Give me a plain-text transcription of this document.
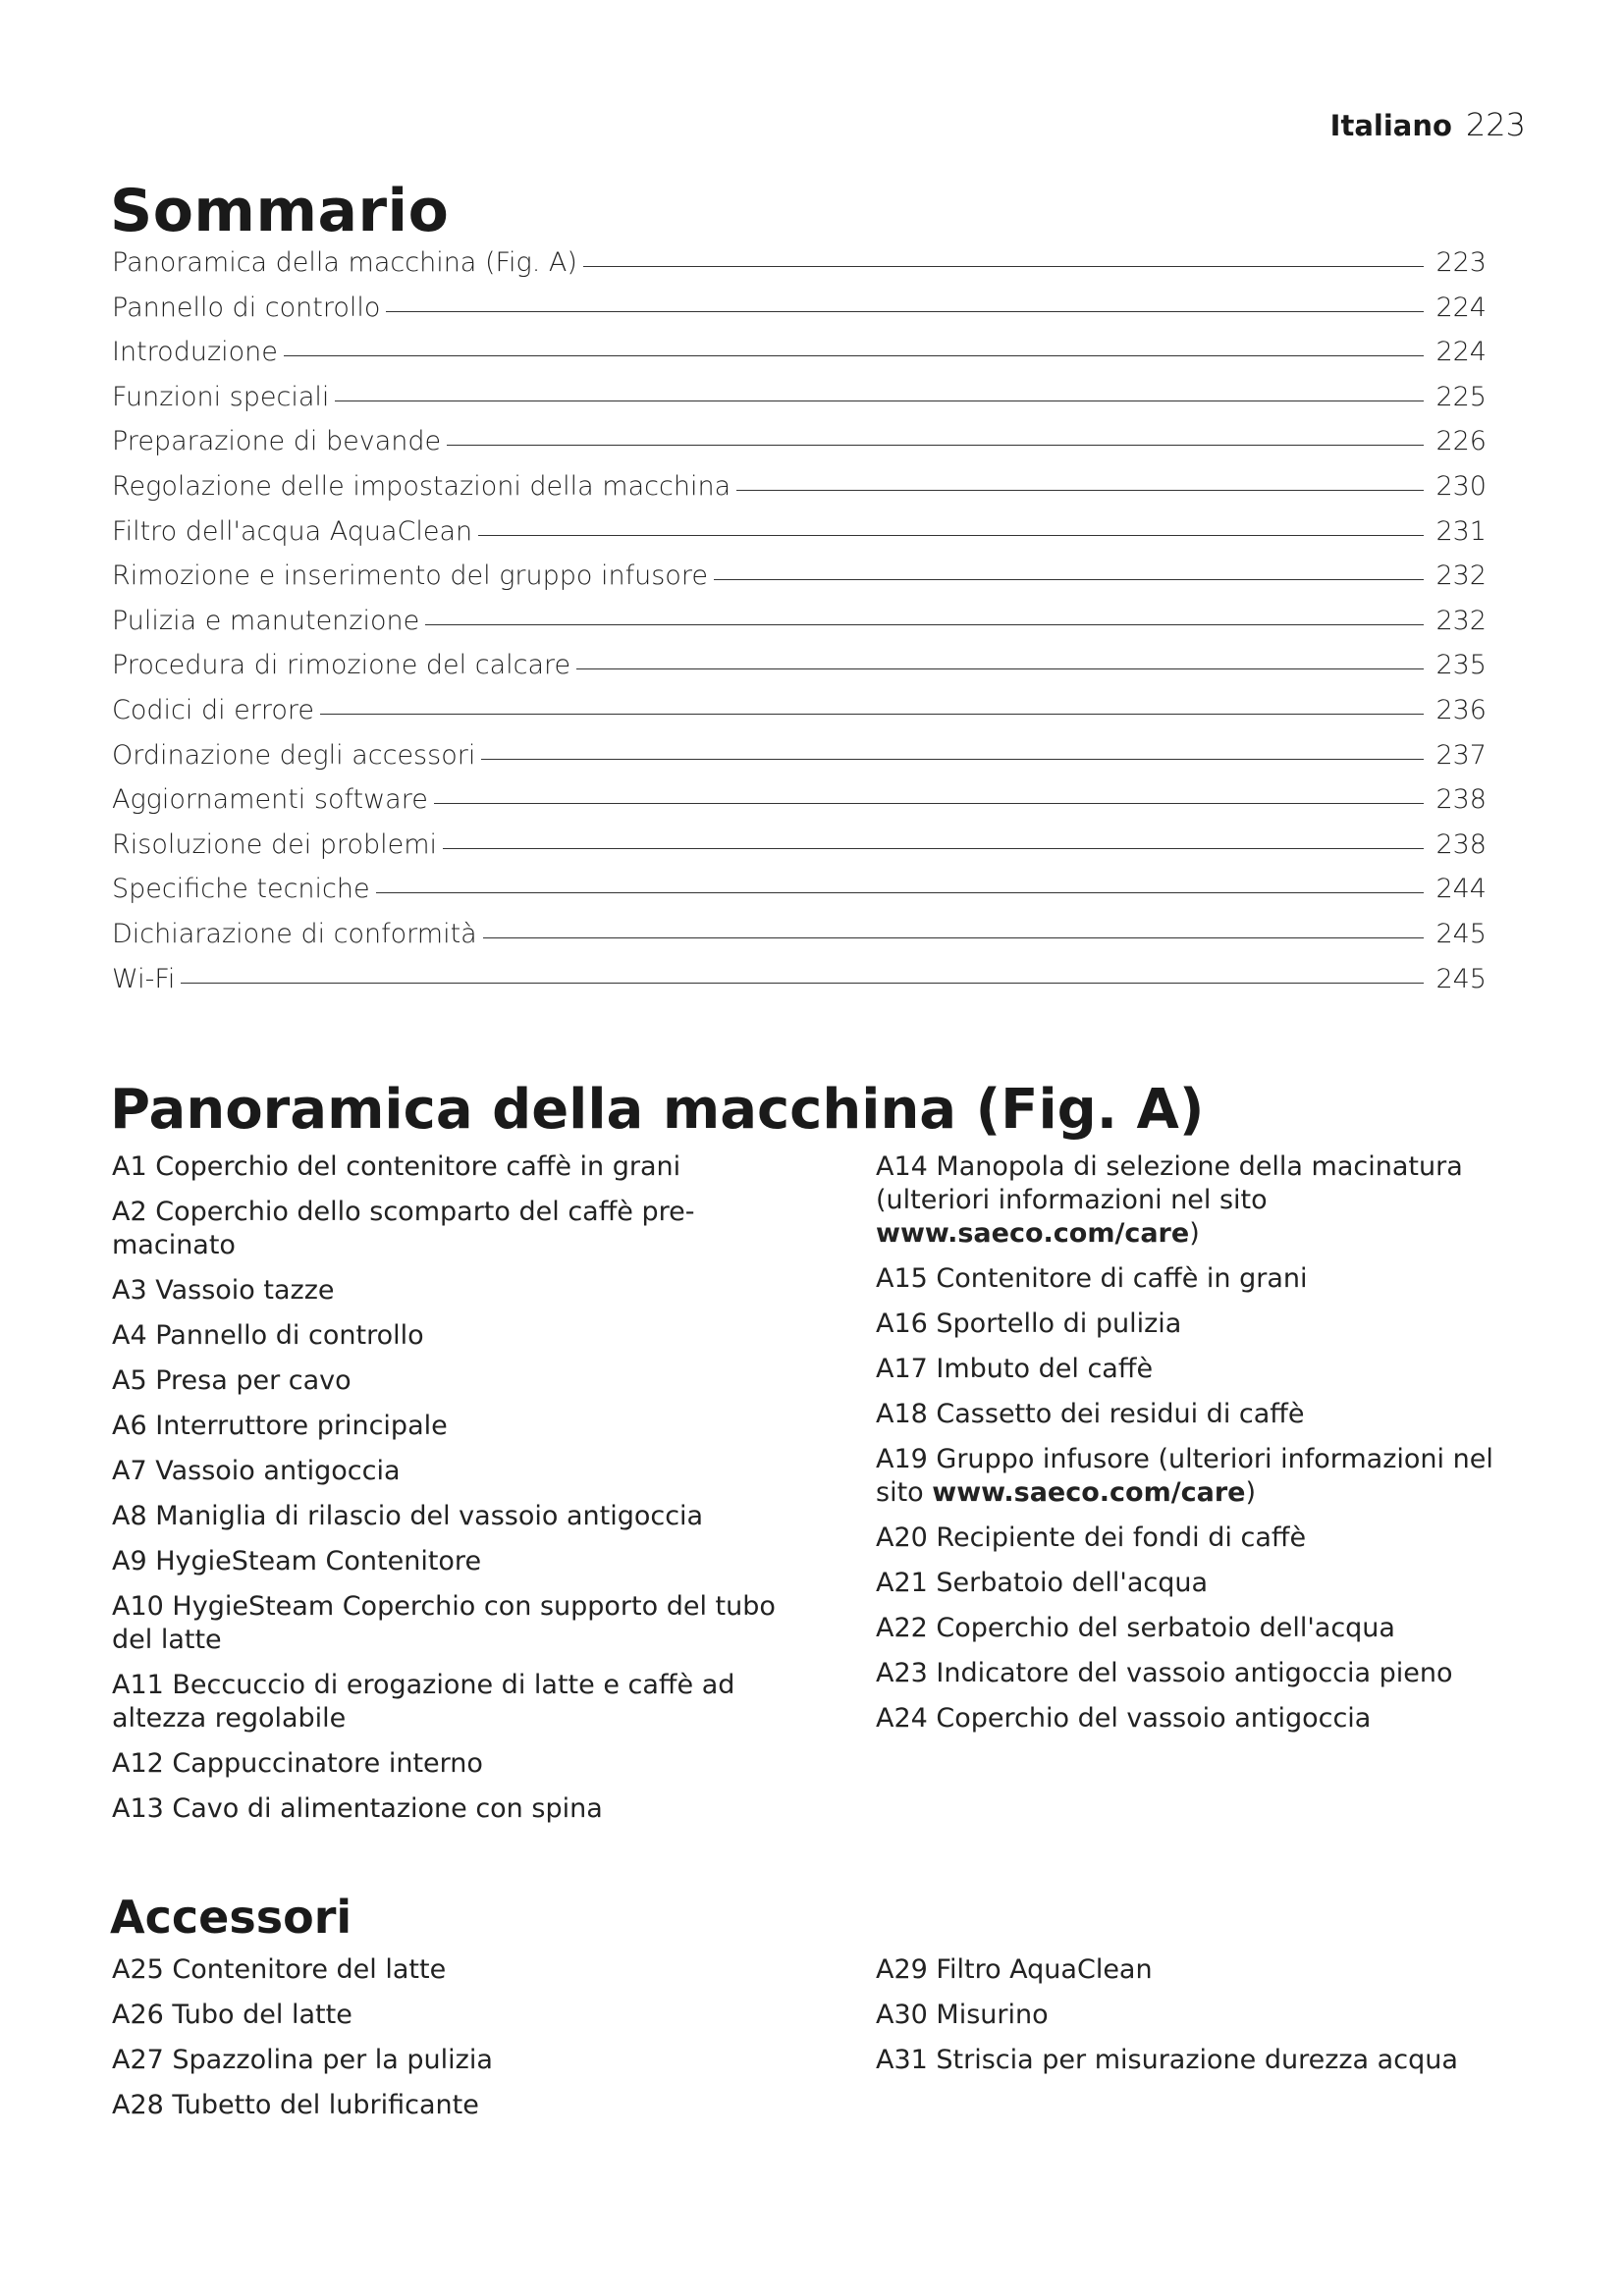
Italiano 223
Sommario
Panoramica della macchina (Fig. A)	223
Pannello di controllo	224
Introduzione	224
Funzioni speciali	225
Preparazione di bevande	226
Regolazione delle impostazioni della macchina	230
Filtro dell'acqua AquaClean	231
Rimozione e inserimento del gruppo infusore	232
Pulizia e manutenzione	232
Procedura di rimozione del calcare	235
Codici di errore	236
Ordinazione degli accessori	237
Aggiornamenti software	238
Risoluzione dei problemi	238
Specifiche tecniche	244
Dichiarazione di conformità	245
Wi-Fi	245
Panoramica della macchina (Fig. A)
A1 Coperchio del contenitore caffè in grani
A2 Coperchio dello scomparto del caffè pre-macinato
A3 Vassoio tazze
A4 Pannello di controllo
A5 Presa per cavo
A6 Interruttore principale
A7 Vassoio antigoccia
A8 Maniglia di rilascio del vassoio antigoccia
A9 HygieSteam Contenitore
A10 HygieSteam Coperchio con supporto del tubo del latte
A11 Beccuccio di erogazione di latte e caffè ad altezza regolabile
A12 Cappuccinatore interno
A13 Cavo di alimentazione con spina
A14 Manopola di selezione della macinatura (ulteriori informazioni nel sito www.saeco.com/care)
A15 Contenitore di caffè in grani
A16 Sportello di pulizia
A17 Imbuto del caffè
A18 Cassetto dei residui di caffè
A19 Gruppo infusore (ulteriori informazioni nel sito www.saeco.com/care)
A20 Recipiente dei fondi di caffè
A21 Serbatoio dell'acqua
A22 Coperchio del serbatoio dell'acqua
A23 Indicatore del vassoio antigoccia pieno
A24 Coperchio del vassoio antigoccia
Accessori
A25 Contenitore del latte
A26 Tubo del latte
A27 Spazzolina per la pulizia
A28 Tubetto del lubrificante
A29 Filtro AquaClean
A30 Misurino
A31 Striscia per misurazione durezza acqua
